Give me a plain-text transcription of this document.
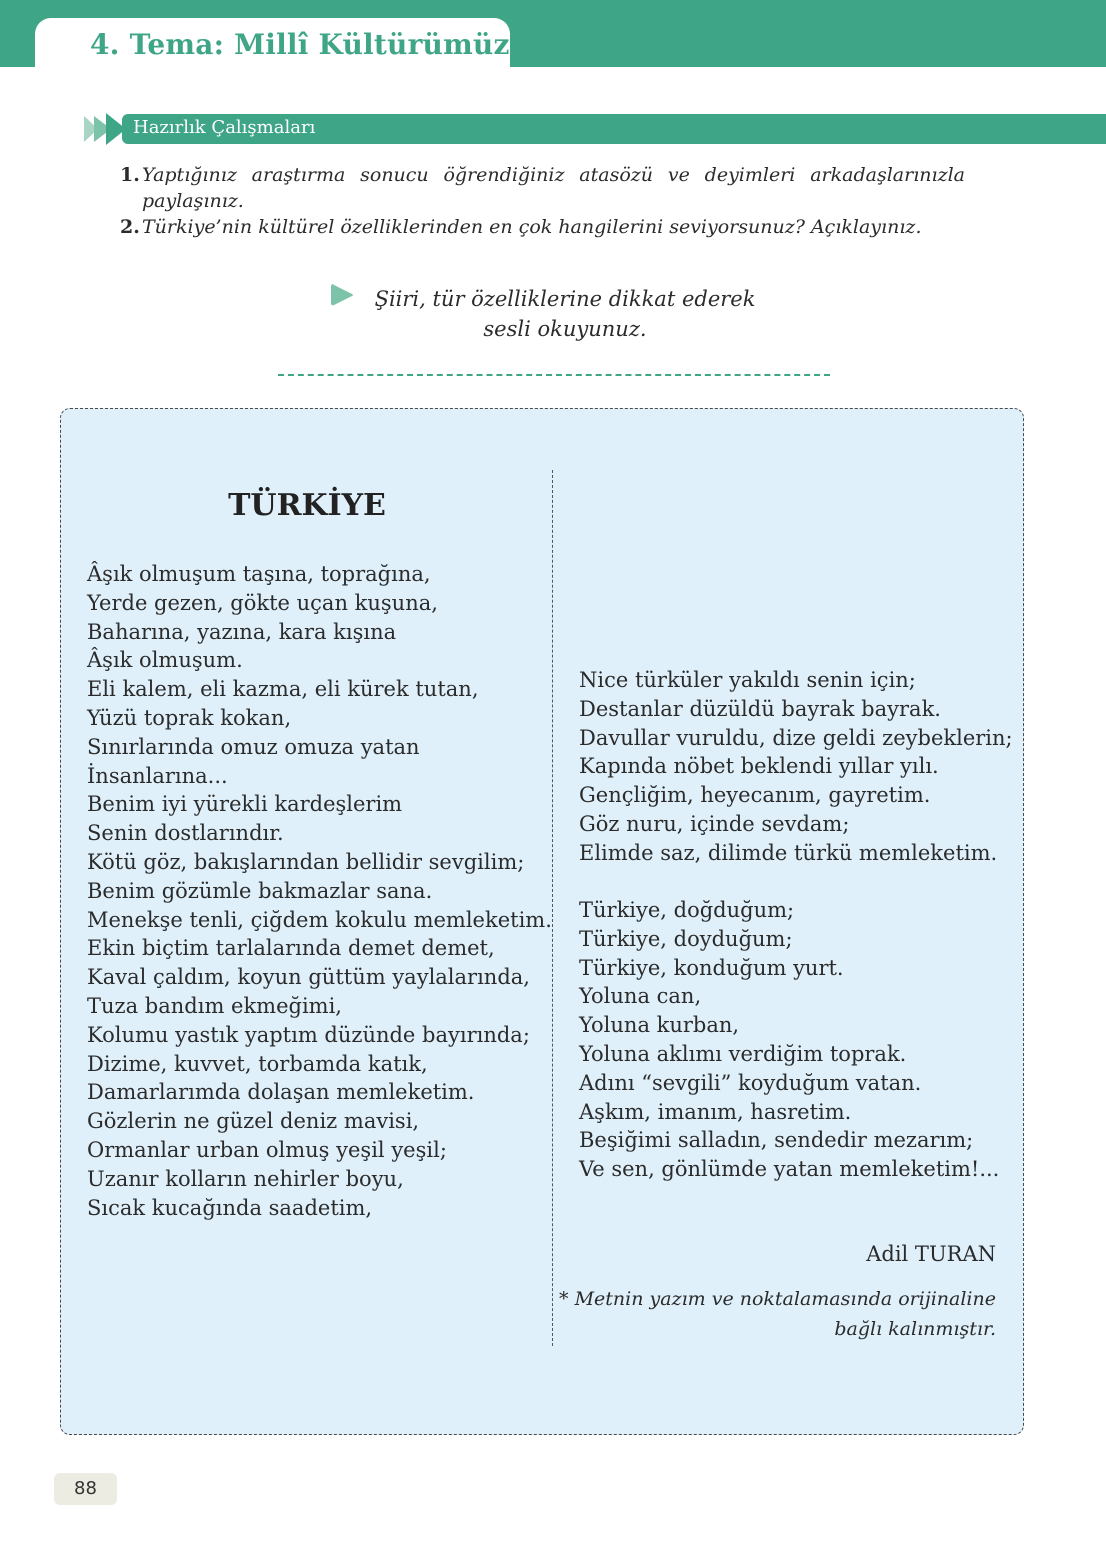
4. Tema: Millî Kültürümüz
Hazırlık Çalışmaları
1. Yaptığınız araştırma sonucu öğrendiğiniz atasözü ve deyimleri arkadaşlarınızla paylaşınız.
2. Türkiye’nin kültürel özelliklerinden en çok hangilerini seviyorsunuz? Açıklayınız.

Şiiri, tür özelliklerine dikkat ederek
sesli okuyunuz.

TÜRKİYE
Âşık olmuşum taşına, toprağına,
Yerde gezen, gökte uçan kuşuna,
Baharına, yazına, kara kışına
Âşık olmuşum.
Eli kalem, eli kazma, eli kürek tutan,
Yüzü toprak kokan,
Sınırlarında omuz omuza yatan
İnsanlarına...
Benim iyi yürekli kardeşlerim
Senin dostlarındır.
Kötü göz, bakışlarından bellidir sevgilim;
Benim gözümle bakmazlar sana.
Menekşe tenli, çiğdem kokulu memleketim.
Ekin biçtim tarlalarında demet demet,
Kaval çaldım, koyun güttüm yaylalarında,
Tuza bandım ekmeğimi,
Kolumu yastık yaptım düzünde bayırında;
Dizime, kuvvet, torbamda katık,
Damarlarımda dolaşan memleketim.
Gözlerin ne güzel deniz mavisi,
Ormanlar urban olmuş yeşil yeşil;
Uzanır kolların nehirler boyu,
Sıcak kucağında saadetim,
Nice türküler yakıldı senin için;
Destanlar düzüldü bayrak bayrak.
Davullar vuruldu, dize geldi zeybeklerin;
Kapında nöbet beklendi yıllar yılı.
Gençliğim, heyecanım, gayretim.
Göz nuru, içinde sevdam;
Elimde saz, dilimde türkü memleketim.
Türkiye, doğduğum;
Türkiye, doyduğum;
Türkiye, konduğum yurt.
Yoluna can,
Yoluna kurban,
Yoluna aklımı verdiğim toprak.
Adını “sevgili” koyduğum vatan.
Aşkım, imanım, hasretim.
Beşiğimi salladın, sendedir mezarım;
Ve sen, gönlümde yatan memleketim!...

Adil TURAN

* Metnin yazım ve noktalamasında orijinaline
bağlı kalınmıştır.

88
